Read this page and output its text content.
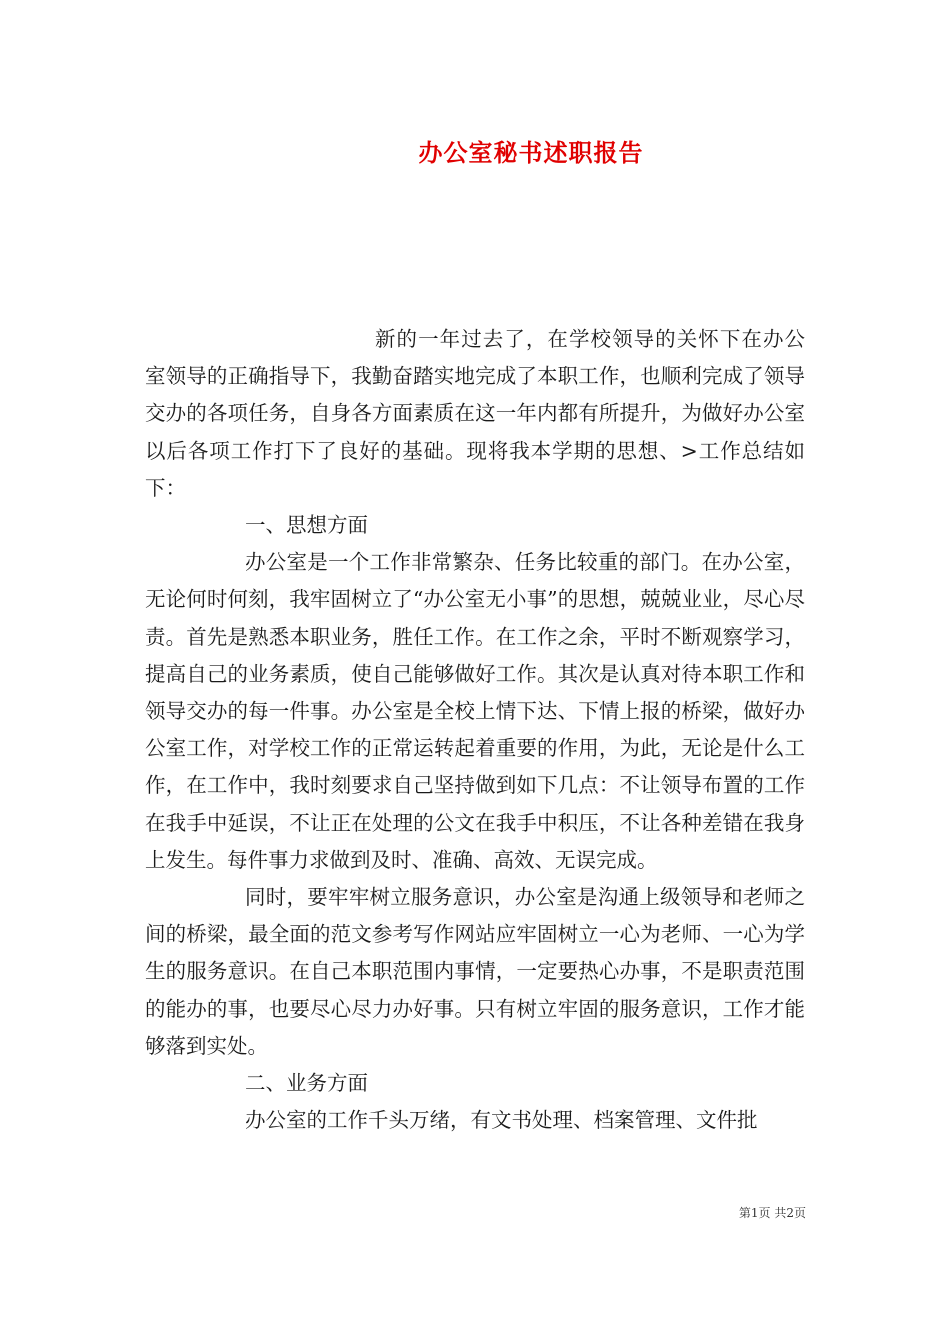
办公室秘书述职报告

新的一年过去了，在学校领导的关怀下在办公室领导的正确指导下，我勤奋踏实地完成了本职工作，也顺利完成了领导交办的各项任务，自身各方面素质在这一年内都有所提升，为做好办公室以后各项工作打下了良好的基础。现将我本学期的思想、>工作总结如下：

一、思想方面

办公室是一个工作非常繁杂、任务比较重的部门。在办公室，无论何时何刻，我牢固树立了“办公室无小事”的思想，兢兢业业，尽心尽责。首先是熟悉本职业务，胜任工作。在工作之余，平时不断观察学习，提高自己的业务素质，使自己能够做好工作。其次是认真对待本职工作和领导交办的每一件事。办公室是全校上情下达、下情上报的桥梁，做好办公室工作，对学校工作的正常运转起着重要的作用，为此，无论是什么工作，在工作中，我时刻要求自己坚持做到如下几点：不让领导布置的工作在我手中延误，不让正在处理的公文在我手中积压，不让各种差错在我身上发生。每件事力求做到及时、准确、高效、无误完成。

同时，要牢牢树立服务意识，办公室是沟通上级领导和老师之间的桥梁，最全面的范文参考写作网站应牢固树立一心为老师、一心为学生的服务意识。在自己本职范围内事情，一定要热心办事，不是职责范围的能办的事，也要尽心尽力办好事。只有树立牢固的服务意识，工作才能够落到实处。

二、业务方面

办公室的工作千头万绪，有文书处理、档案管理、文件批

第1页 共2页
